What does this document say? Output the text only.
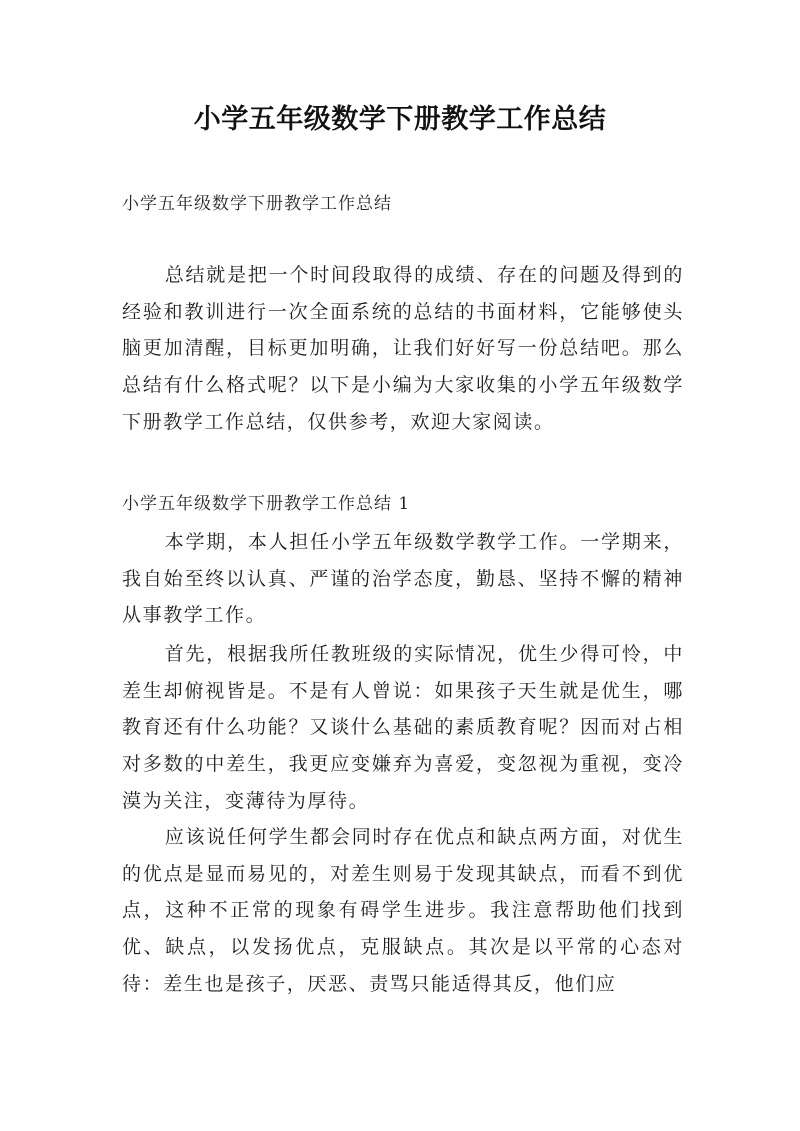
小学五年级数学下册教学工作总结
小学五年级数学下册教学工作总结

总结就是把一个时间段取得的成绩、存在的问题及得到的经验和教训进行一次全面系统的总结的书面材料，它能够使头脑更加清醒，目标更加明确，让我们好好写一份总结吧。那么总结有什么格式呢？以下是小编为大家收集的小学五年级数学下册教学工作总结，仅供参考，欢迎大家阅读。

小学五年级数学下册教学工作总结 1

本学期，本人担任小学五年级数学教学工作。一学期来，我自始至终以认真、严谨的治学态度，勤恳、坚持不懈的精神从事教学工作。

首先，根据我所任教班级的实际情况，优生少得可怜，中差生却俯视皆是。不是有人曾说：如果孩子天生就是优生，哪教育还有什么功能？又谈什么基础的素质教育呢？因而对占相对多数的中差生，我更应变嫌弃为喜爱，变忽视为重视，变冷漠为关注，变薄待为厚待。

应该说任何学生都会同时存在优点和缺点两方面，对优生的优点是显而易见的，对差生则易于发现其缺点，而看不到优点，这种不正常的现象有碍学生进步。我注意帮助他们找到优、缺点，以发扬优点，克服缺点。其次是以平常的心态对待：差生也是孩子，厌恶、责骂只能适得其反，他们应
